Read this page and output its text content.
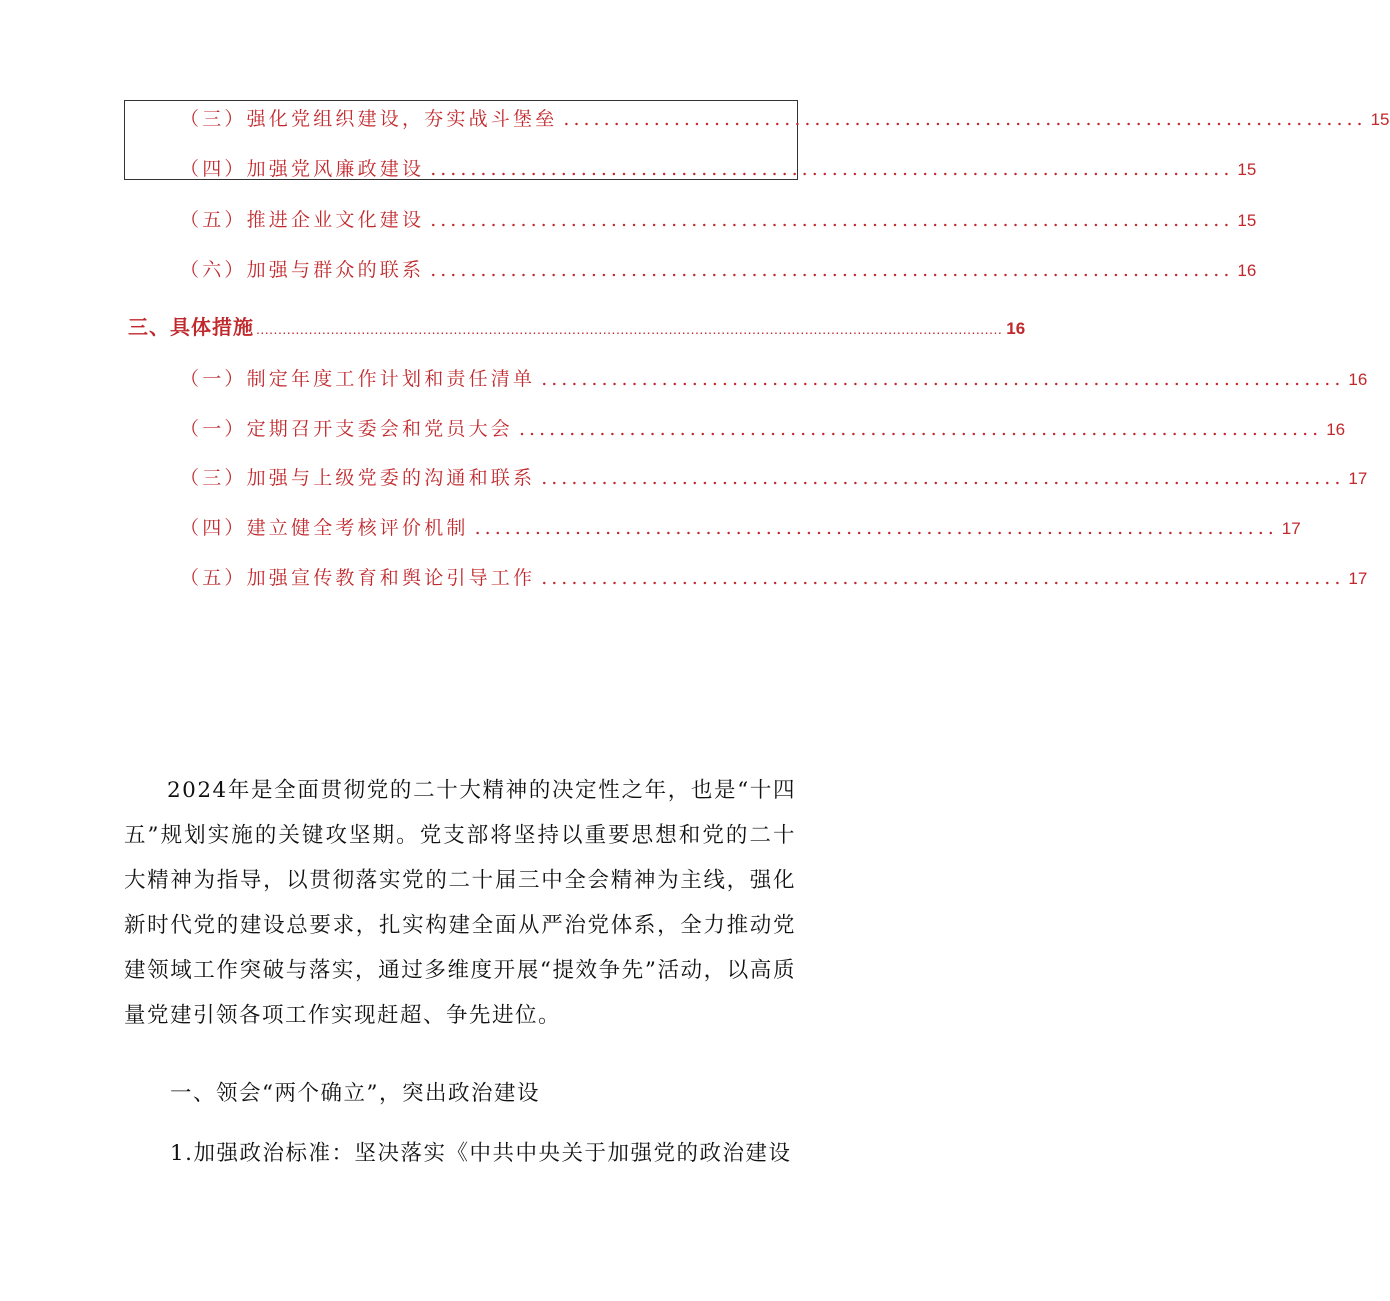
（三）强化党组织建设，夯实战斗堡垒 ................................................................................ 15
（四）加强党风廉政建设 ................................................................................ 15
（五）推进企业文化建设 ................................................................................ 15
（六）加强与群众的联系 ................................................................................ 16
三、具体措施 .......................................................................................................................................................................... 16
（一）制定年度工作计划和责任清单 ................................................................................ 16
（一）定期召开支委会和党员大会 ................................................................................ 16
（三）加强与上级党委的沟通和联系 ................................................................................ 17
（四）建立健全考核评价机制 ................................................................................ 17
（五）加强宣传教育和舆论引导工作 ................................................................................ 17

2024年是全面贯彻党的二十大精神的决定性之年，也是“十四五”规划实施的关键攻坚期。党支部将坚持以重要思想和党的二十大精神为指导，以贯彻落实党的二十届三中全会精神为主线，强化新时代党的建设总要求，扎实构建全面从严治党体系，全力推动党建领域工作突破与落实，通过多维度开展“提效争先”活动，以高质量党建引领各项工作实现赶超、争先进位。

一、领会“两个确立”，突出政治建设
1.加强政治标准：坚决落实《中共中央关于加强党的政治建设
